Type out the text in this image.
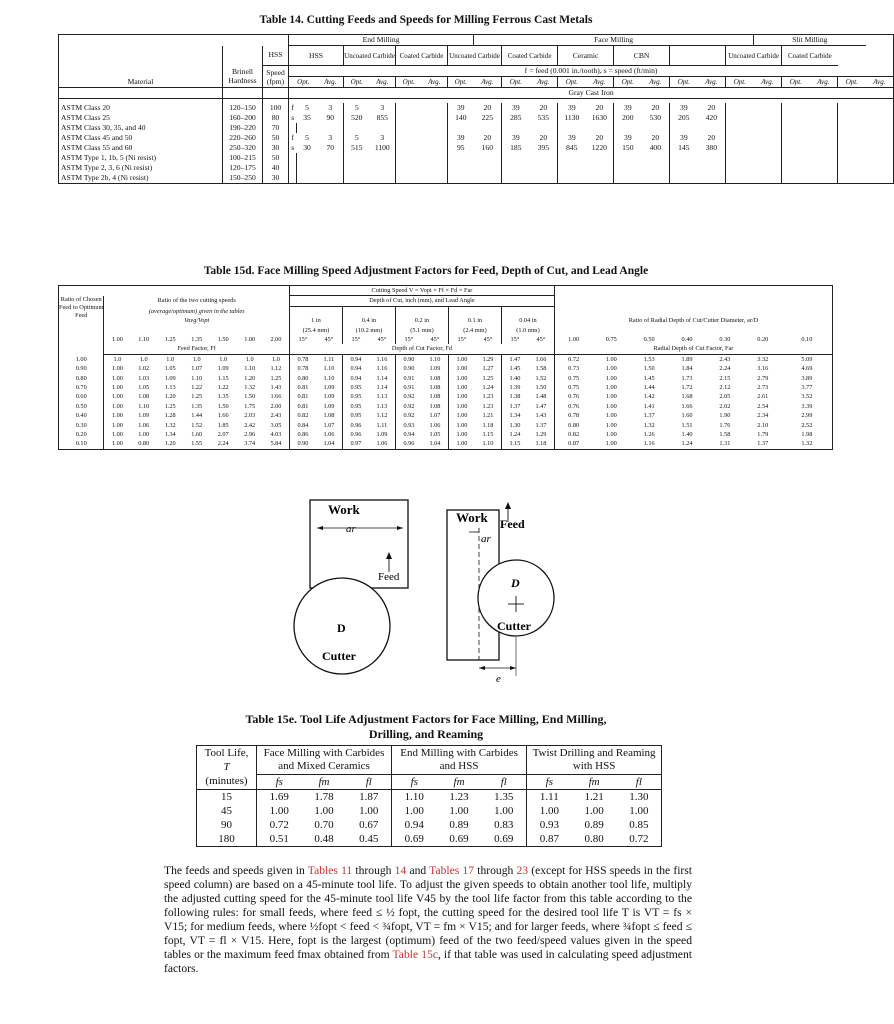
Table 14. Cutting Feeds and Speeds for Milling Ferrous Cast Metals
			End Milling								Face Milling										Slit Milling				
		HSS	HSS			Uncoated Carbide		Coated Carbide		Uncoated Carbide		Coated Carbide		Ceramic		CBN				Uncoated Carbide		Coated Carbide			
	Brinell Hardness	Speed (fpm)	f = feed (0.001 in./tooth), s = speed (ft/min)																						
Material			Opt.		Avg.	Opt.	Avg.	Opt.	Avg.	Opt.	Avg.	Opt.	Avg.	Opt.	Avg.	Opt.	Avg.	Opt.	Avg.	Opt.	Avg.	Opt.	Avg.	Opt.	Avg.
			Gray Cast Iron																						

ASTM Class 20	120–150	100	f	5	3	5	3			39	20	39	20	39	20	39	20	39	20						
ASTM Class 25	160–200	80	s	35	90	520	855			140	225	285	535	1130	1630	200	530	205	420						
ASTM Class 30, 35, and 40	190–220	70																							
ASTM Class 45 and 50	220–260	50	f	5	3	5	3			39	20	39	20	39	20	39	20	39	20						
ASTM Class 55 and 60	250–320	30	s	30	70	515	1100			95	160	185	395	845	1220	150	400	145	380						
ASTM Type 1, 1b, 5 (Ni resist)	100–215	50																							
ASTM Type 2, 3, 6 (Ni resist)	120–175	40																							
ASTM Type 2b, 4 (Ni resist)	150–250	30																							
Table 15d. Face Milling Speed Adjustment Factors for Feed, Depth of Cut, and Lead Angle
								Cutting Speed V = Vopt × Ff × Fd × Far																
Ratio of Chosen Feed to Optimum Feed	Ratio of the two cutting speeds							Depth of Cut, inch (mm), and Lead Angle																
	(average/optimum) given in the tables																	Ratio of Radial Depth of Cut/Cutter Diameter, ar/D						
	Vavg/Vopt							1 in		0.4 in		0.2 in		0.1 in		0.04 in								
								(25.4 mm)		(10.2 mm)		(5.1 mm)		(2.4 mm)		(1.0 mm)								
	1.00	1.10	1.25	1.35	1.50	1.00	2.00	15°	45°	15°	45°	15°	45°	15°	45°	15°	45°	1.00	0.75	0.50	0.40	0.30	0.20	0.10
	Feed Factor, Ff							Depth of Cut Factor, Fd										Radial Depth of Cut Factor, Far						
1.00	1.0	1.0	1.0	1.0	1.0	1.0	1.0	0.78	1.11	0.94	1.16	0.90	1.10	1.00	1.29	1.47	1.66	0.72	1.00	1.53	1.89	2.43	3.32	5.09
0.90	1.00	1.02	1.05	1.07	1.09	1.10	1.12	0.78	1.10	0.94	1.16	0.90	1.09	1.00	1.27	1.45	1.58	0.73	1.00	1.50	1.84	2.24	3.16	4.69
0.80	1.00	1.03	1.09	1.10	1.15	1.20	1.25	0.80	1.10	0.94	1.14	0.91	1.08	1.00	1.25	1.40	1.52	0.75	1.00	1.45	1.73	2.15	2.79	3.89
0.70	1.00	1.05	1.13	1.22	1.22	1.32	1.43	0.81	1.09	0.95	1.14	0.91	1.08	1.00	1.24	1.39	1.50	0.75	1.00	1.44	1.72	2.12	2.73	3.77
0.60	1.00	1.08	1.20	1.25	1.35	1.50	1.66	0.81	1.09	0.95	1.13	0.92	1.08	1.00	1.23	1.38	1.48	0.76	1.00	1.42	1.68	2.05	2.61	3.52
0.50	1.00	1.10	1.25	1.35	1.50	1.75	2.00	0.81	1.09	0.95	1.13	0.92	1.08	1.00	1.23	1.37	1.47	0.76	1.00	1.41	1.66	2.02	2.54	3.39
0.40	1.00	1.09	1.28	1.44	1.66	2.03	2.43	0.82	1.08	0.95	1.12	0.92	1.07	1.00	1.21	1.34	1.43	0.78	1.00	1.37	1.60	1.90	2.34	2.99
0.30	1.00	1.06	1.32	1.52	1.85	2.42	3.05	0.84	1.07	0.96	1.11	0.93	1.06	1.00	1.18	1.30	1.37	0.80	1.00	1.32	1.51	1.76	2.10	2.52
0.20	1.00	1.00	1.34	1.60	2.07	2.96	4.03	0.86	1.06	0.96	1.09	0.94	1.05	1.00	1.15	1.24	1.29	0.82	1.00	1.26	1.40	1.58	1.79	1.98
0.10	1.00	0.80	1.20	1.55	2.24	3.74	5.84	0.90	1.04	0.97	1.06	0.96	1.04	1.00	1.10	1.15	1.18	0.87	1.00	1.16	1.24	1.31	1.37	1.32
Work
ar
Feed
D
Cutter
Work
ar
Feed
D
Cutter
e
Table 15e. Tool Life Adjustment Factors for Face Milling, End Milling,
Drilling, and Reaming
Tool Life,	Face Milling with Carbides and Mixed Ceramics			End Milling with Carbides and HSS			Twist Drilling and Reaming with HSS		
T									
(minutes)	fs	fm	fl	fs	fm	fl	fs	fm	fl
15	1.69	1.78	1.87	1.10	1.23	1.35	1.11	1.21	1.30
45	1.00	1.00	1.00	1.00	1.00	1.00	1.00	1.00	1.00
90	0.72	0.70	0.67	0.94	0.89	0.83	0.93	0.89	0.85
180	0.51	0.48	0.45	0.69	0.69	0.69	0.87	0.80	0.72
The feeds and speeds given in Tables 11 through 14 and Tables 17 through 23 (except for HSS speeds in the first speed column) are based on a 45-minute tool life. To adjust the given speeds to obtain another tool life, multiply the adjusted cutting speed for the 45-minute tool life V45 by the tool life factor from this table according to the following rules: for small feeds, where feed ≤ ½ fopt, the cutting speed for the desired tool life T is VT = fs × V15; for medium feeds, where ½fopt < feed < ¾fopt, VT = fm × V15; and for larger feeds, where ¾fopt ≤ feed ≤ fopt, VT = fl × V15. Here, fopt is the largest (optimum) feed of the two feed/speed values given in the speed tables or the maximum feed fmax obtained from Table 15c, if that table was used in calculating speed adjustment factors.
